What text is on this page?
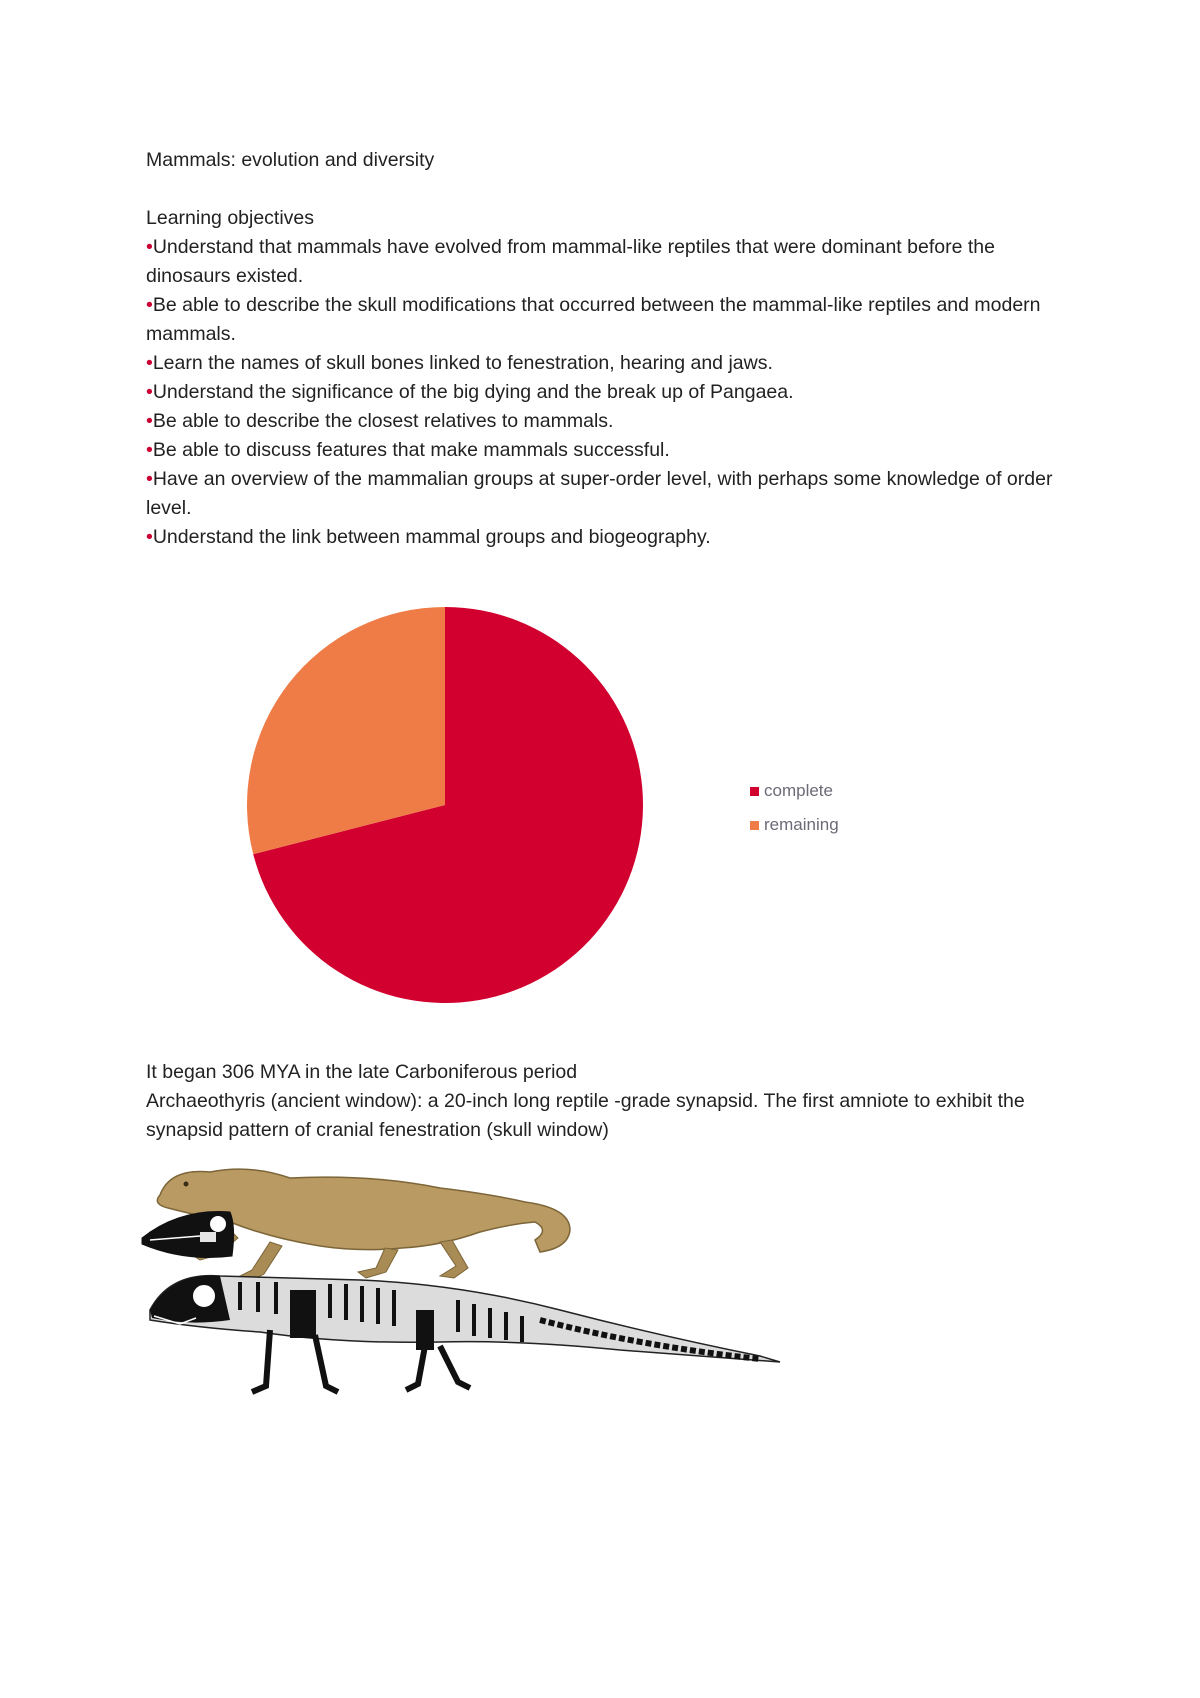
Mammals: evolution and diversity
Learning objectives
•Understand that mammals have evolved from mammal-like reptiles that were dominant before the dinosaurs existed.
•Be able to describe the skull modifications that occurred between the mammal-like reptiles and modern mammals.
•Learn the names of skull bones linked to fenestration, hearing and jaws.
•Understand the significance of the big dying and the break up of Pangaea.
•Be able to describe the closest relatives to mammals.
•Be able to discuss features that make mammals successful.
•Have an overview of the mammalian groups at super-order level, with perhaps some knowledge of order level.
•Understand the link between mammal groups and biogeography.
complete
remaining
It began 306 MYA in the late Carboniferous period
Archaeothyris (ancient window): a 20-inch long reptile -grade synapsid. The first amniote to exhibit the synapsid pattern of cranial fenestration (skull window)
